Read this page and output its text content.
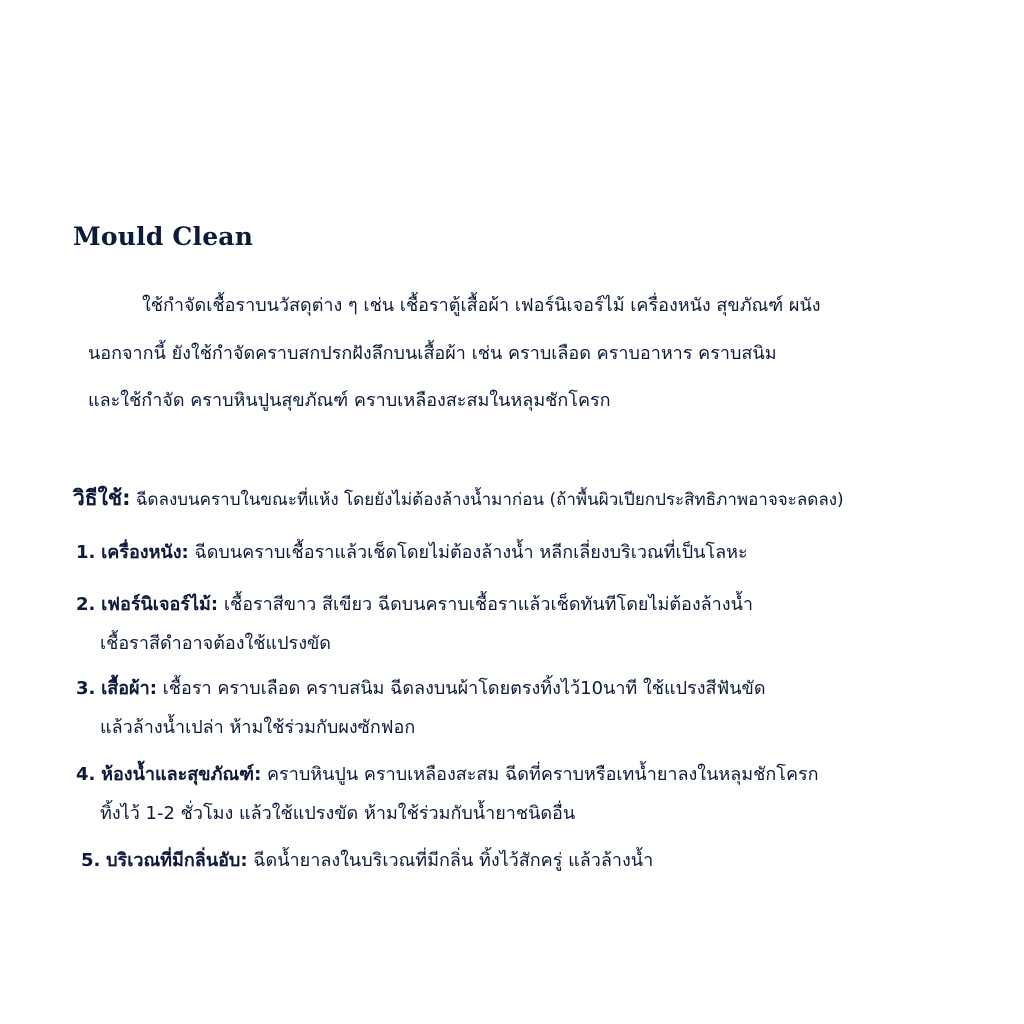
Mould Clean
ใช้กำจัดเชื้อราบนวัสดุต่าง ๆ เช่น เชื้อราตู้เสื้อผ้า เฟอร์นิเจอร์ไม้ เครื่องหนัง สุขภัณฑ์ ผนัง
นอกจากนี้ ยังใช้กำจัดคราบสกปรกฝังลึกบนเสื้อผ้า เช่น คราบเลือด คราบอาหาร คราบสนิม
และใช้กำจัด คราบหินปูนสุขภัณฑ์ คราบเหลืองสะสมในหลุมชักโครก
วิธีใช้: ฉีดลงบนคราบในขณะที่แห้ง โดยยังไม่ต้องล้างน้ำมาก่อน (ถ้าพื้นผิวเปียกประสิทธิภาพอาจจะลดลง)
1. เครื่องหนัง: ฉีดบนคราบเชื้อราแล้วเช็ดโดยไม่ต้องล้างน้ำ หลีกเลี่ยงบริเวณที่เป็นโลหะ
2. เฟอร์นิเจอร์ไม้: เชื้อราสีขาว สีเขียว ฉีดบนคราบเชื้อราแล้วเช็ดทันทีโดยไม่ต้องล้างน้ำ
เชื้อราสีดำอาจต้องใช้แปรงขัด
3. เสื้อผ้า: เชื้อรา คราบเลือด คราบสนิม ฉีดลงบนผ้าโดยตรงทิ้งไว้10นาที ใช้แปรงสีฟันขัด
แล้วล้างน้ำเปล่า ห้ามใช้ร่วมกับผงซักฟอก
4. ห้องน้ำและสุขภัณฑ์: คราบหินปูน คราบเหลืองสะสม ฉีดที่คราบหรือเทน้ำยาลงในหลุมชักโครก
ทิ้งไว้ 1-2 ชั่วโมง แล้วใช้แปรงขัด ห้ามใช้ร่วมกับน้ำยาชนิดอื่น
5. บริเวณที่มีกลิ่นอับ: ฉีดน้ำยาลงในบริเวณที่มีกลิ่น ทิ้งไว้สักครู่ แล้วล้างน้ำ
